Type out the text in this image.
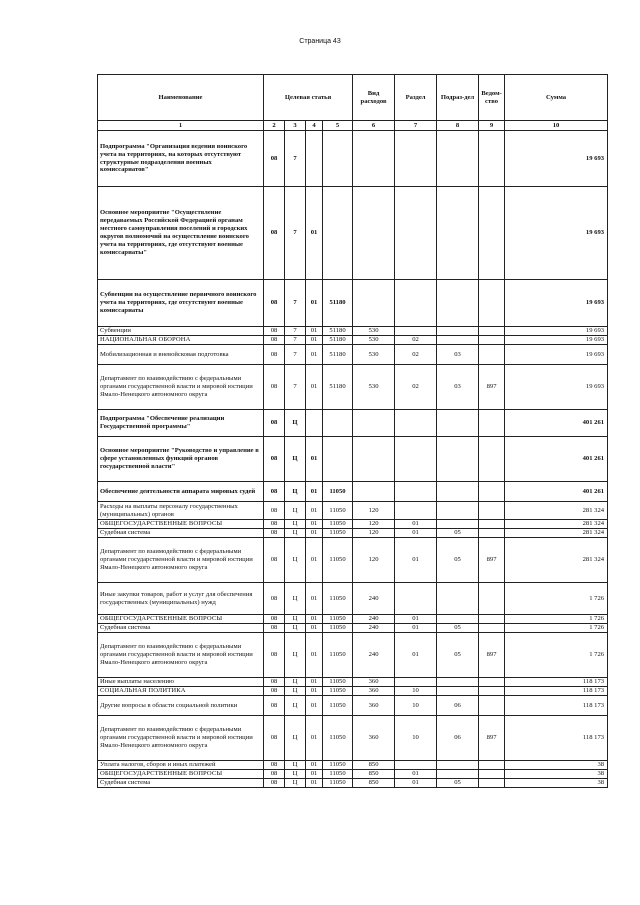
Страница 43
Наименование	Целевая статья				Вид расходов	Раздел	Подраз-дел	Ведом-ство	Сумма
1	2	3	4	5	6	7	8	9	10
Подпрограмма "Организация ведения воинского учета на территориях, на которых отсутствуют структурные подразделения военных комиссариатов"	08	7							19 693
Основное мероприятие "Осуществление передаваемых Российской Федерацией органам местного самоуправления поселений и городских округов полномочий на осуществление воинского учета на территориях, где отсутствуют военные комиссариаты"	08	7	01						19 693
Субвенции на осуществление первичного воинского учета на территориях, где отсутствуют военные комиссариаты	08	7	01	51180					19 693
Субвенции	08	7	01	51180	530				19 693
НАЦИОНАЛЬНАЯ ОБОРОНА	08	7	01	51180	530	02			19 693
Мобилизационная и вневойсковая подготовка	08	7	01	51180	530	02	03		19 693
Департамент по взаимодействию с федеральными органами государственной власти и мировой юстиции Ямало-Ненецкого автономного округа	08	7	01	51180	530	02	03	897	19 693
Подпрограмма "Обеспечение реализации Государственной программы"	08	Ц							401 261
Основное мероприятие "Руководство и управление в сфере установленных функций органов государственной власти"	08	Ц	01						401 261
Обеспечение деятельности аппарата мировых судей	08	Ц	01	11050					401 261
Расходы на выплаты персоналу государственных (муниципальных) органов	08	Ц	01	11050	120				281 324
ОБЩЕГОСУДАРСТВЕННЫЕ ВОПРОСЫ	08	Ц	01	11050	120	01			281 324
Судебная система	08	Ц	01	11050	120	01	05		281 324
Департамент по взаимодействию с федеральными органами государственной власти и мировой юстиции Ямало-Ненецкого автономного округа	08	Ц	01	11050	120	01	05	897	281 324
Иные закупки товаров, работ и услуг для обеспечения государственных (муниципальных) нужд	08	Ц	01	11050	240				1 726
ОБЩЕГОСУДАРСТВЕННЫЕ ВОПРОСЫ	08	Ц	01	11050	240	01			1 726
Судебная система	08	Ц	01	11050	240	01	05		1 726
Департамент по взаимодействию с федеральными органами государственной власти и мировой юстиции Ямало-Ненецкого автономного округа	08	Ц	01	11050	240	01	05	897	1 726
Иные выплаты населению	08	Ц	01	11050	360				118 173
СОЦИАЛЬНАЯ ПОЛИТИКА	08	Ц	01	11050	360	10			118 173
Другие вопросы в области социальной политики	08	Ц	01	11050	360	10	06		118 173
Департамент по взаимодействию с федеральными органами государственной власти и мировой юстиции Ямало-Ненецкого автономного округа	08	Ц	01	11050	360	10	06	897	118 173
Уплата налогов, сборов и иных платежей	08	Ц	01	11050	850				38
ОБЩЕГОСУДАРСТВЕННЫЕ ВОПРОСЫ	08	Ц	01	11050	850	01			38
Судебная система	08	Ц	01	11050	850	01	05		38
